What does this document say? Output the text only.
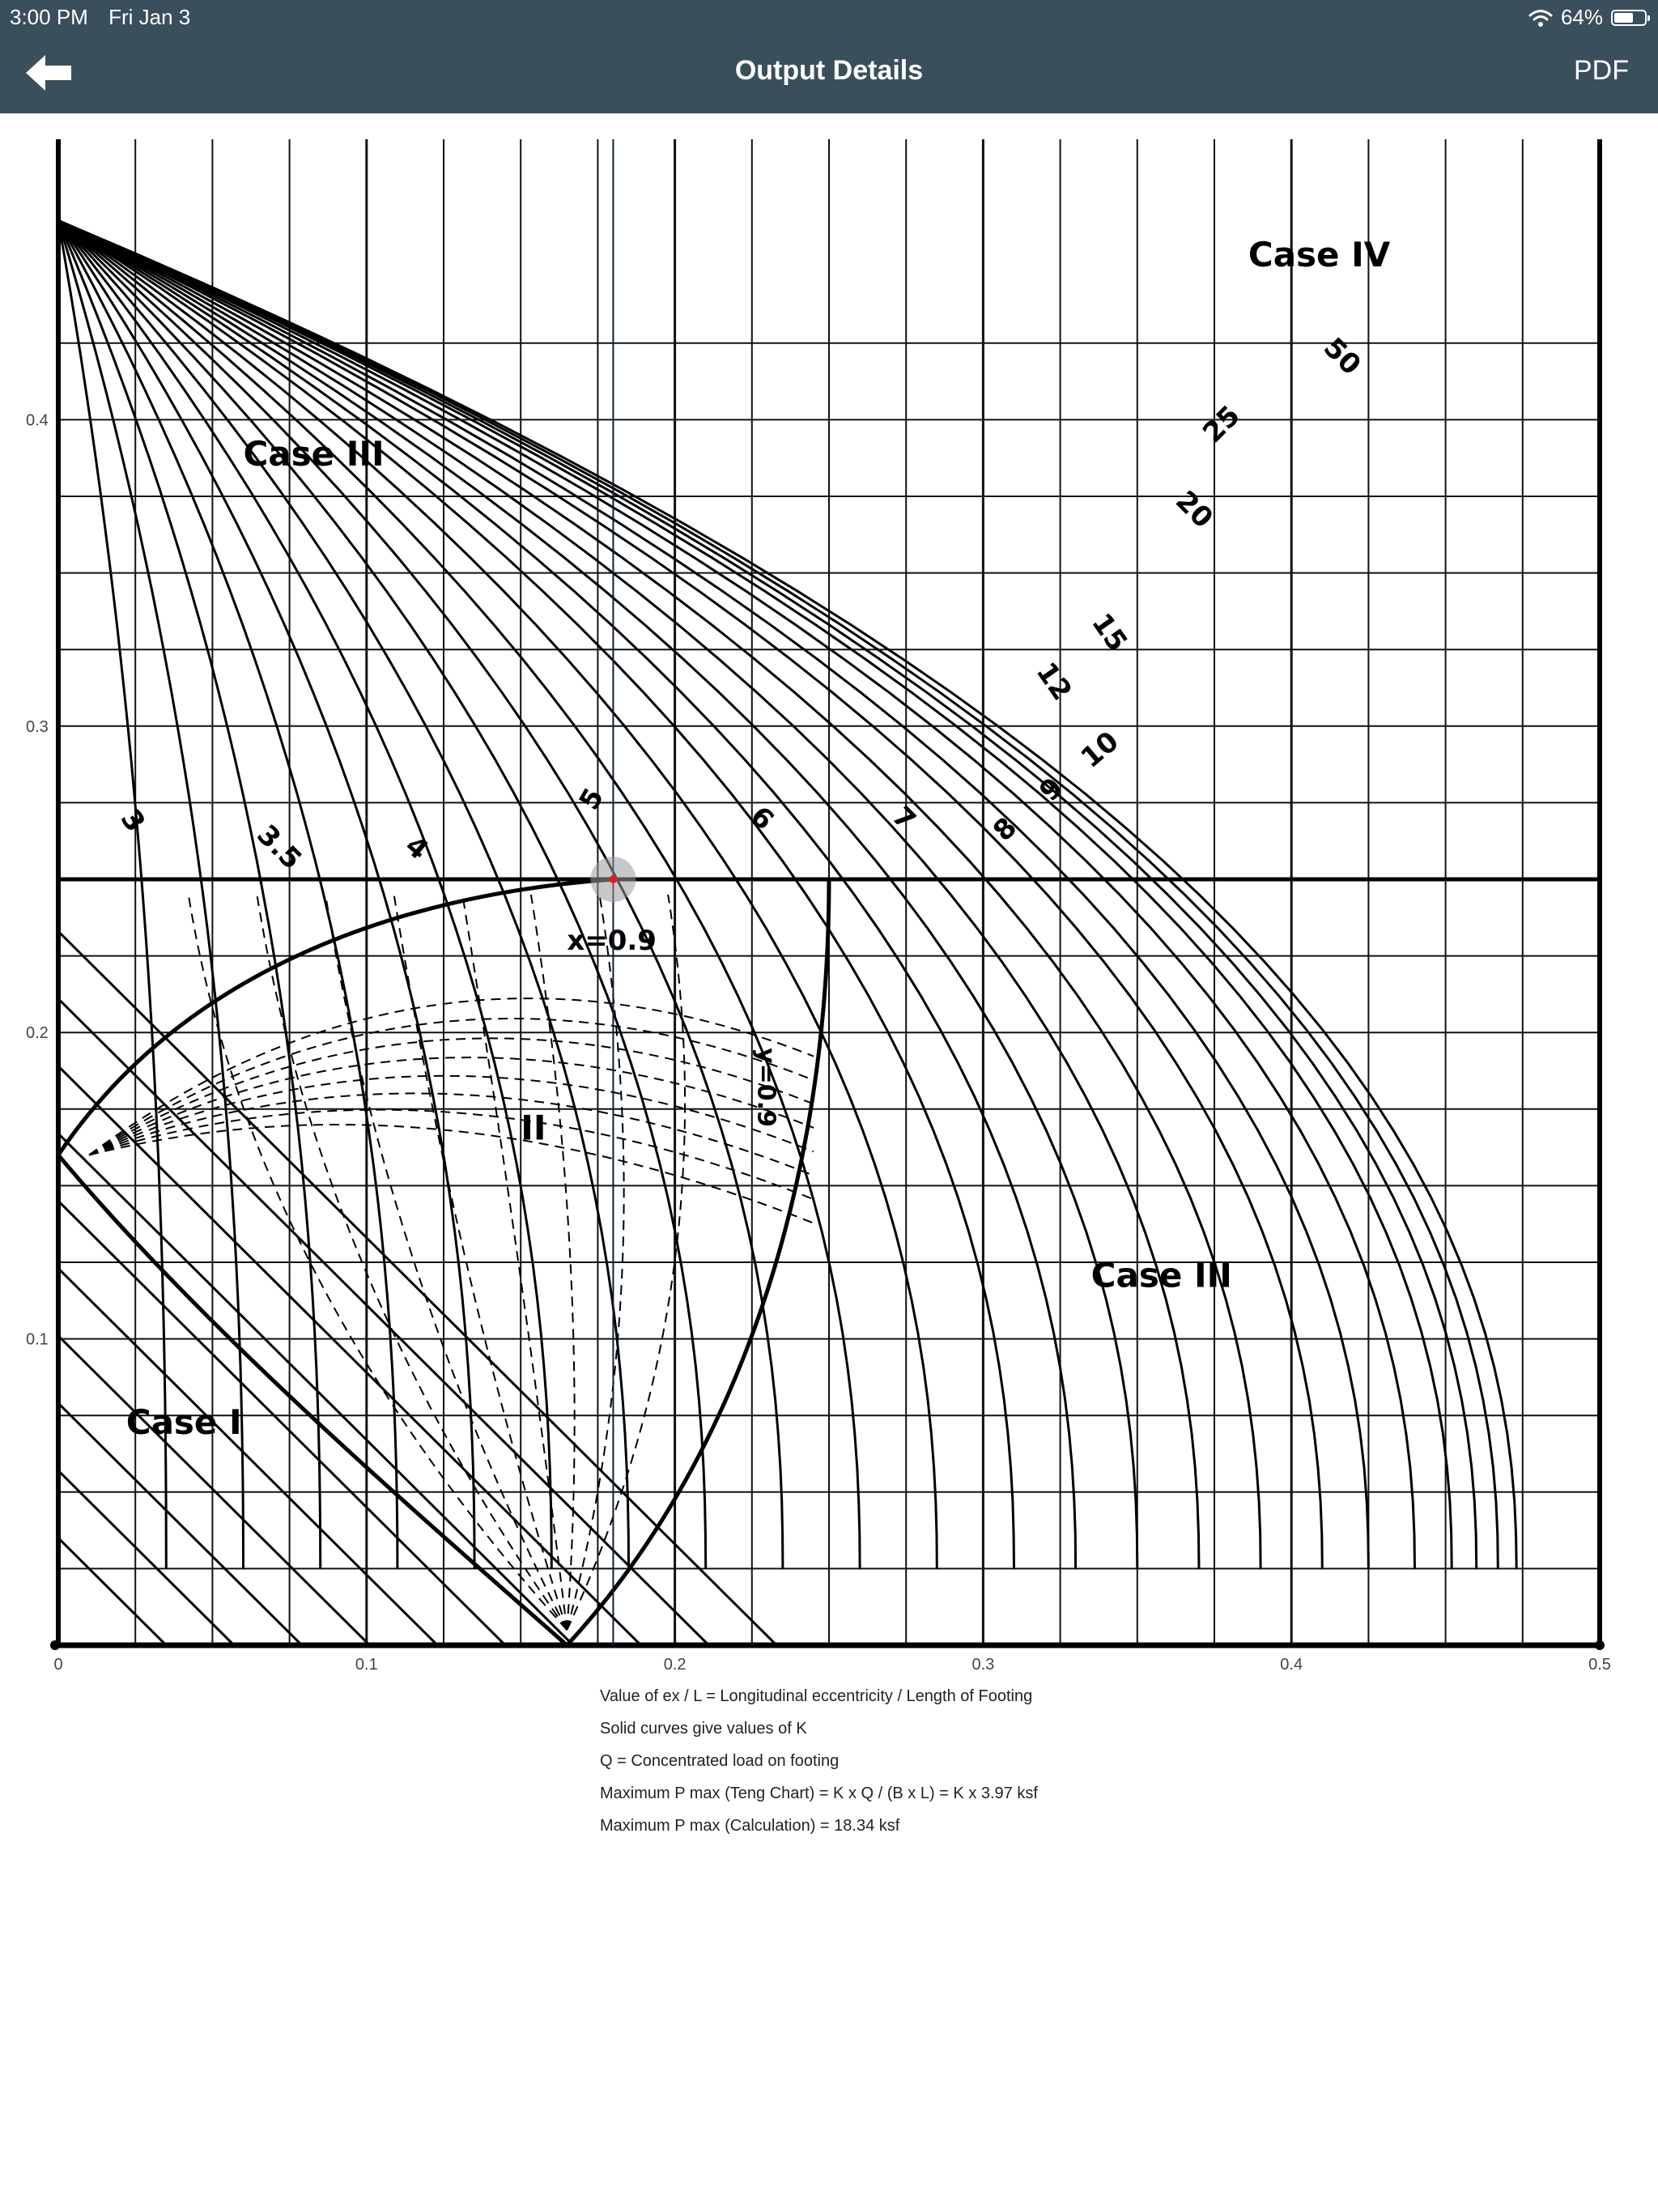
3:00 PM Fri Jan 3	64%
Output Details	PDF
Case I
II
Case III
Case III
Case IV
3	3.5	4
5
6	7 8
9
10
12
15
20
25
50
x=0.9
y=0.9
0	0.1	0.2	0.3	0.4	0.5
0.1
0.2
0.3
0.4
Value of ex / L = Longitudinal eccentricity / Length of Footing
Solid curves give values of K
Q = Concentrated load on footing
Maximum P max (Teng Chart) = K x Q / (B x L) = K x 3.97 ksf
Maximum P max (Calculation) = 18.34 ksf
